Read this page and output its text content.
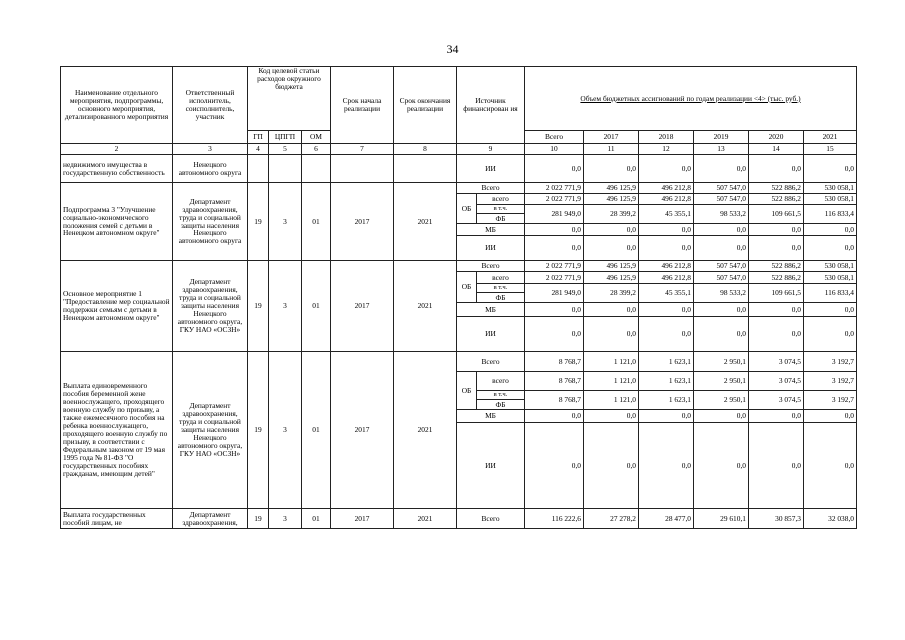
34
Наименование отдельного мероприятия, подпрограммы, основного мероприятия, детализированного мероприятия	Ответственный исполнитель, соисполнитель, участник	Код целевой статьи расходов окружного бюджета			Срок начала реализации	Срок окончания реализации	Источник финансирован ия		Объем бюджетных ассигнований по годам реализации <4> (тыс. руб.)					
		ГП	ЦПГП	ОМ					Всего	2017	2018	2019	2020	2021
2	3	4	5	6	7	8	9		10	11	12	13	14	15
недвижимого имущества в государственную собственность	Ненецкого автономного округа						ИИ		0,0	0,0	0,0	0,0	0,0	0,0
Подпрограмма 3 "Улучшение социально-экономического положения семей с детьми в Ненецком автономном округе"	Департамент здравоохранения, труда и социальной защиты населения Ненецкого автономного округа	19	3	01	2017	2021	Всего		2 022 771,9	496 125,9	496 212,8	507 547,0	522 886,2	530 058,1
							ОБ	всего	2 022 771,9	496 125,9	496 212,8	507 547,0	522 886,2	530 058,1
								в т.ч.	281 949,0	28 399,2	45 355,1	98 533,2	109 661,5	116 833,4
								ФБ						
							МБ		0,0	0,0	0,0	0,0	0,0	0,0
							ИИ		0,0	0,0	0,0	0,0	0,0	0,0
Основное мероприятие 1 "Предоставление мер социальной поддержки семьям с детьми в Ненецком автономном округе"	Департамент здравоохранения, труда и социальной защиты населения Ненецкого автономного округа, ГКУ НАО «ОСЗН»	19	3	01	2017	2021	Всего		2 022 771,9	496 125,9	496 212,8	507 547,0	522 886,2	530 058,1
							ОБ	всего	2 022 771,9	496 125,9	496 212,8	507 547,0	522 886,2	530 058,1
								в т.ч.	281 949,0	28 399,2	45 355,1	98 533,2	109 661,5	116 833,4
								ФБ						
							МБ		0,0	0,0	0,0	0,0	0,0	0,0
							ИИ		0,0	0,0	0,0	0,0	0,0	0,0
Выплата единовременного пособия беременной жене военнослужащего, проходящего военную службу по призыву, а также ежемесячного пособия на ребенка военнослужащего, проходящего военную службу по призыву, в соответствии с Федеральным законом от 19 мая 1995 года № 81-ФЗ "О государственных пособиях гражданам, имеющим детей"	Департамент здравоохранения, труда и социальной защиты населения Ненецкого автономного округа, ГКУ НАО «ОСЗН»	19	3	01	2017	2021	Всего		8 768,7	1 121,0	1 623,1	2 950,1	3 074,5	3 192,7
							ОБ	всего	8 768,7	1 121,0	1 623,1	2 950,1	3 074,5	3 192,7
								в т.ч.	8 768,7	1 121,0	1 623,1	2 950,1	3 074,5	3 192,7
								ФБ						
							МБ		0,0	0,0	0,0	0,0	0,0	0,0
							ИИ		0,0	0,0	0,0	0,0	0,0	0,0
Выплата государственных пособий лицам, не	Департамент здравоохранения,	19	3	01	2017	2021	Всего		116 222,6	27 278,2	28 477,0	29 610,1	30 857,3	32 038,0
